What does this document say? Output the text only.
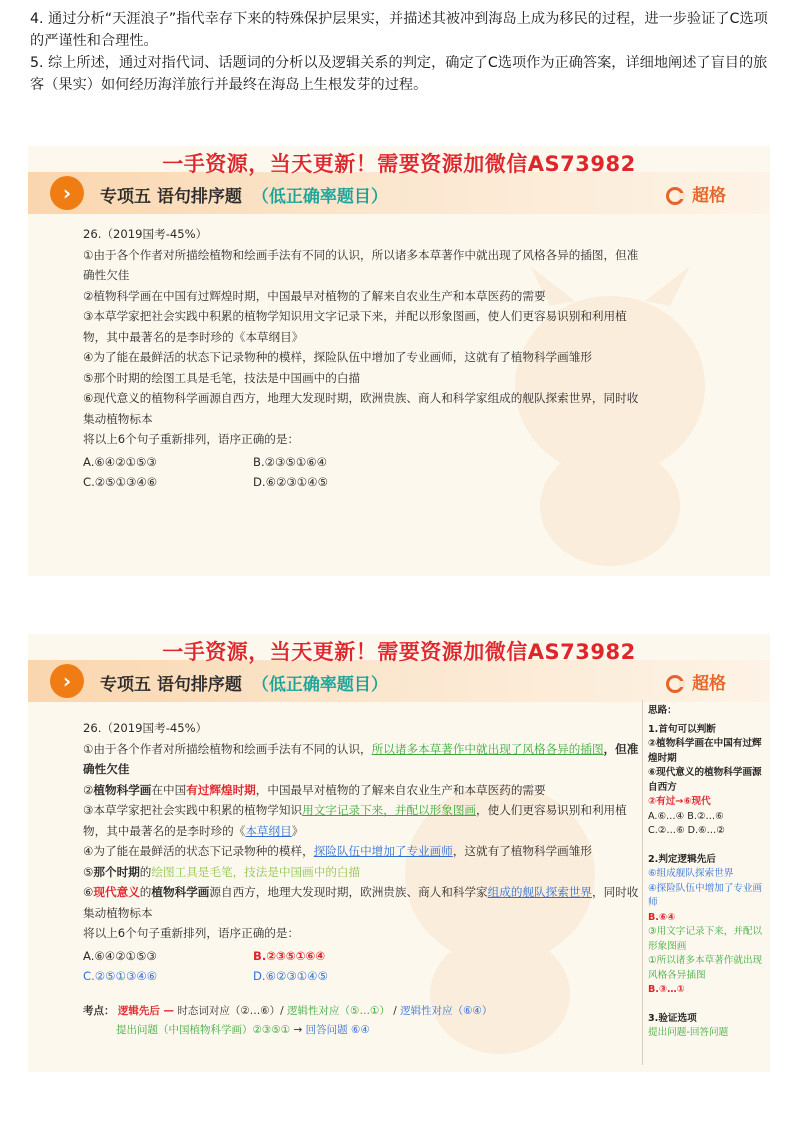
4. 通过分析“天涯浪子”指代幸存下来的特殊保护层果实，并描述其被冲到海岛上成为移民的过程，进一步验证了C选项的严谨性和合理性。

5. 综上所述，通过对指代词、话题词的分析以及逻辑关系的判定，确定了C选项作为正确答案，详细地阐述了盲目的旅客（果实）如何经历海洋旅行并最终在海岛上生根发芽的过程。

一手资源，当天更新！需要资源加微信AS73982
›	专项五 语句排序题 （低正确率题目）	超格

26.（2019国考-45%）

①由于各个作者对所描绘植物和绘画手法有不同的认识，所以诸多本草著作中就出现了风格各异的插图，但准确性欠佳

②植物科学画在中国有过辉煌时期，中国最早对植物的了解来自农业生产和本草医药的需要

③本草学家把社会实践中积累的植物学知识用文字记录下来，并配以形象图画，使人们更容易识别和利用植物，其中最著名的是李时珍的《本草纲目》

④为了能在最鲜活的状态下记录物种的模样，探险队伍中增加了专业画师，这就有了植物科学画雏形

⑤那个时期的绘图工具是毛笔，技法是中国画中的白描

⑥现代意义的植物科学画源自西方，地理大发现时期，欧洲贵族、商人和科学家组成的舰队探索世界，同时收集动植物标本

将以上6个句子重新排列，语序正确的是：

A.⑥④②①⑤③	B.②③⑤①⑥④
C.②⑤①③④⑥	D.⑥②③①④⑤
一手资源，当天更新！需要资源加微信AS73982
›	专项五 语句排序题 （低正确率题目）	超格

26.（2019国考-45%）

①由于各个作者对所描绘植物和绘画手法有不同的认识，所以诸多本草著作中就出现了风格各异的插图，但准确性欠佳

②植物科学画在中国有过辉煌时期，中国最早对植物的了解来自农业生产和本草医药的需要

③本草学家把社会实践中积累的植物学知识用文字记录下来，并配以形象图画，使人们更容易识别和利用植物，其中最著名的是李时珍的《本草纲目》

④为了能在最鲜活的状态下记录物种的模样，探险队伍中增加了专业画师，这就有了植物科学画雏形

⑤那个时期的绘图工具是毛笔，技法是中国画中的白描

⑥现代意义的植物科学画源自西方，地理大发现时期，欧洲贵族、商人和科学家组成的舰队探索世界，同时收集动植物标本

将以上6个句子重新排列，语序正确的是：

A.⑥④②①⑤③	B.②③⑤①⑥④
C.②⑤①③④⑥	D.⑥②③①④⑤
考点： 逻辑先后 — 时态词对应（②…⑥）/ 逻辑性对应（⑤…①） / 逻辑性对应（⑥④）
提出问题（中国植物科学画）②③⑤① → 回答问题 ⑥④
思路：
1.首句可以判断
②植物科学画在中国有过辉煌时期
⑥现代意义的植物科学画源自西方
②有过→⑥现代
A.⑥…④ B.②…⑥
C.②…⑥ D.⑥…②
2.判定逻辑先后
⑥组成舰队探索世界
④探险队伍中增加了专业画师
B.⑥④
③用文字记录下来，并配以形象图画
①所以诸多本草著作就出现风格各异插图
B.③…①
3.验证选项
提出问题-回答问题
